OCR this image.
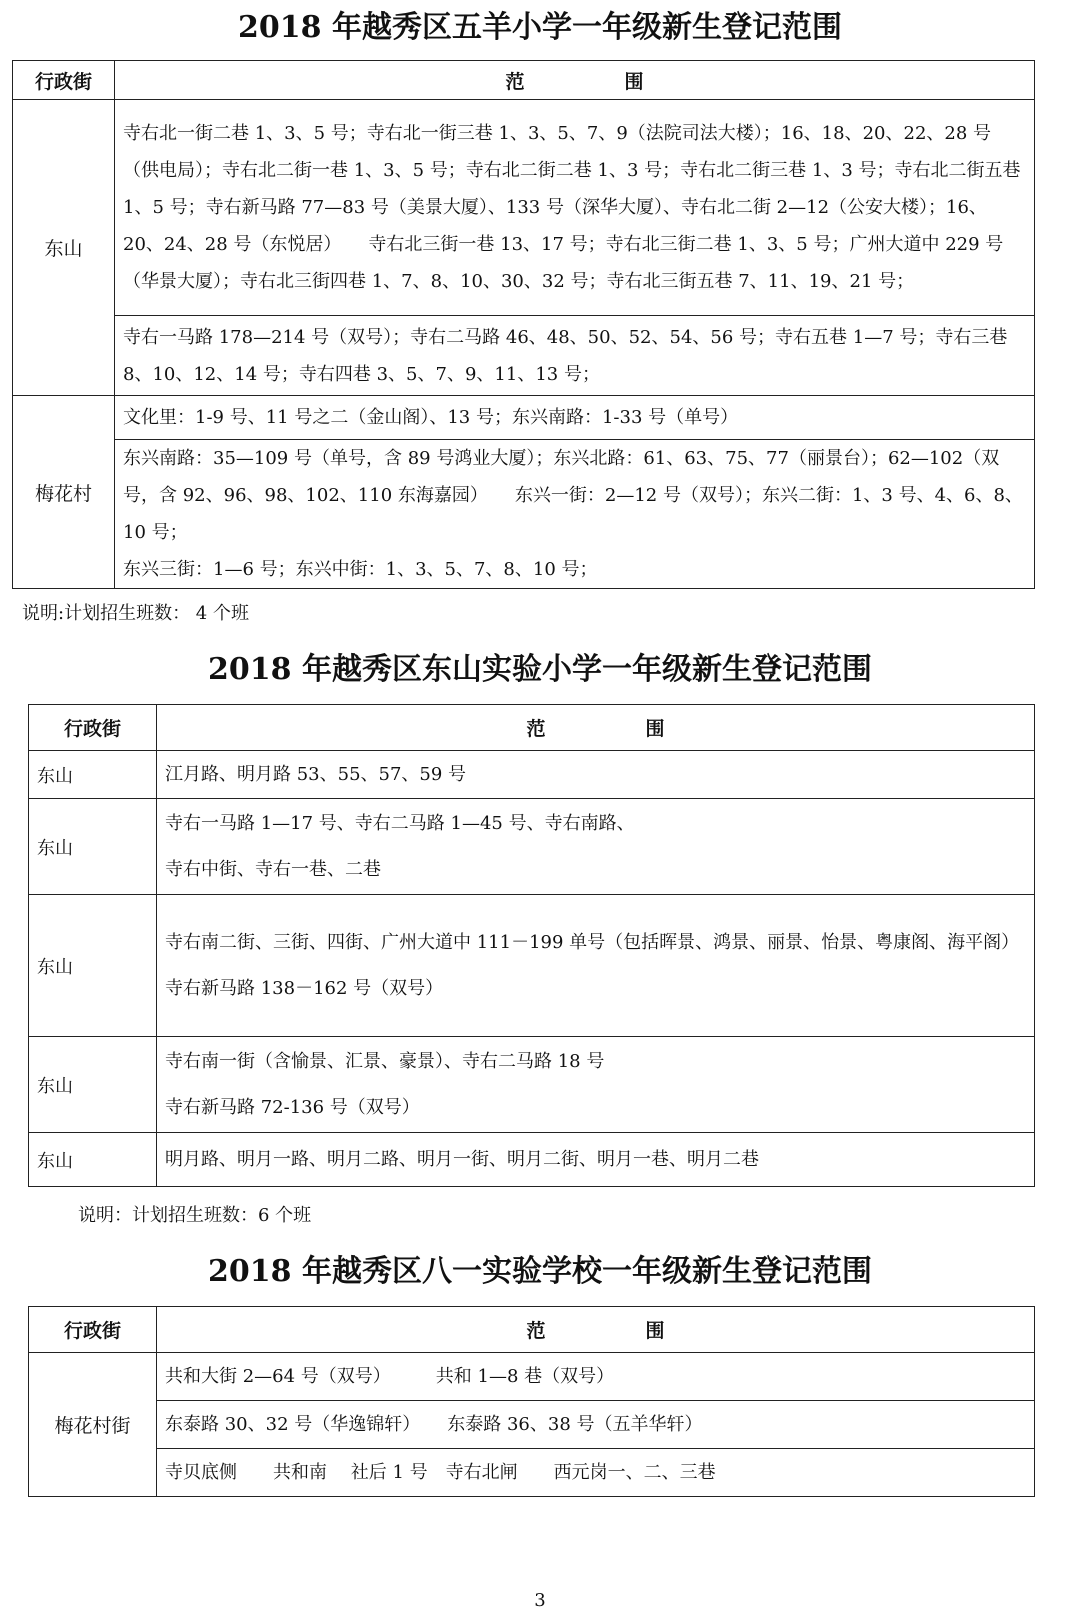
2018 年越秀区五羊小学一年级新生登记范围
行政街	范 围
东山	寺右北一街二巷 1、3、5 号；寺右北一街三巷 1、3、5、7、9（法院司法大楼）；16、18、20、22、28 号（供电局）；寺右北二街一巷 1、3、5 号；寺右北二街二巷 1、3 号；寺右北二街三巷 1、3 号；寺右北二街五巷 1、5 号；寺右新马路 77—83 号（美景大厦）、133 号（深华大厦）、寺右北二街 2—12（公安大楼）；16、20、24、28 号（东悦居）　　寺右北三街一巷 13、17 号；寺右北三街二巷 1、3、5 号；广州大道中 229 号（华景大厦）；寺右北三街四巷 1、7、8、10、30、32 号；寺右北三街五巷 7、11、19、21 号；

	寺右一马路 178—214 号（双号）；寺右二马路 46、48、50、52、54、56 号；寺右五巷 1—7 号；寺右三巷 8、10、12、14 号；寺右四巷 3、5、7、9、11、13 号；

梅花村	文化里：1-9 号、11 号之二（金山阁）、13 号；东兴南路：1-33 号（单号）

	东兴南路：35—109 号（单号，含 89 号鸿业大厦）；东兴北路：61、63、75、77（丽景台）；62—102（双号，含 92、96、98、102、110 东海嘉园）　　东兴一街：2—12 号（双号）；东兴二街：1、3 号、4、6、8、10 号；

东兴三街：1—6 号；东兴中街：1、3、5、7、8、10 号；

说明:计划招生班数： 4 个班
2018 年越秀区东山实验小学一年级新生登记范围
行政街	范 围
东山	江月路、明月路 53、55、57、59 号

东山	寺右一马路 1—17 号、寺右二马路 1—45 号、寺右南路、

寺右中街、寺右一巷、二巷

东山	寺右南二街、三街、四街、广州大道中 111－199 单号（包括晖景、鸿景、丽景、怡景、粤康阁、海平阁）

寺右新马路 138－162 号（双号）

东山	寺右南一街（含愉景、汇景、豪景）、寺右二马路 18 号

寺右新马路 72-136 号（双号）

东山	明月路、明月一路、明月二路、明月一街、明月二街、明月一巷、明月二巷

说明：计划招生班数：6 个班
2018 年越秀区八一实验学校一年级新生登记范围
行政街	范 围
梅花村街	共和大街 2—64 号（双号）　　　共和 1—8 巷（双号）

	东泰路 30、32 号（华逸锦轩）　　东泰路 36、38 号（五羊华轩）

	寺贝底侧　　共和南　 社后 1 号　寺右北闸　　西元岗一、二、三巷

3
